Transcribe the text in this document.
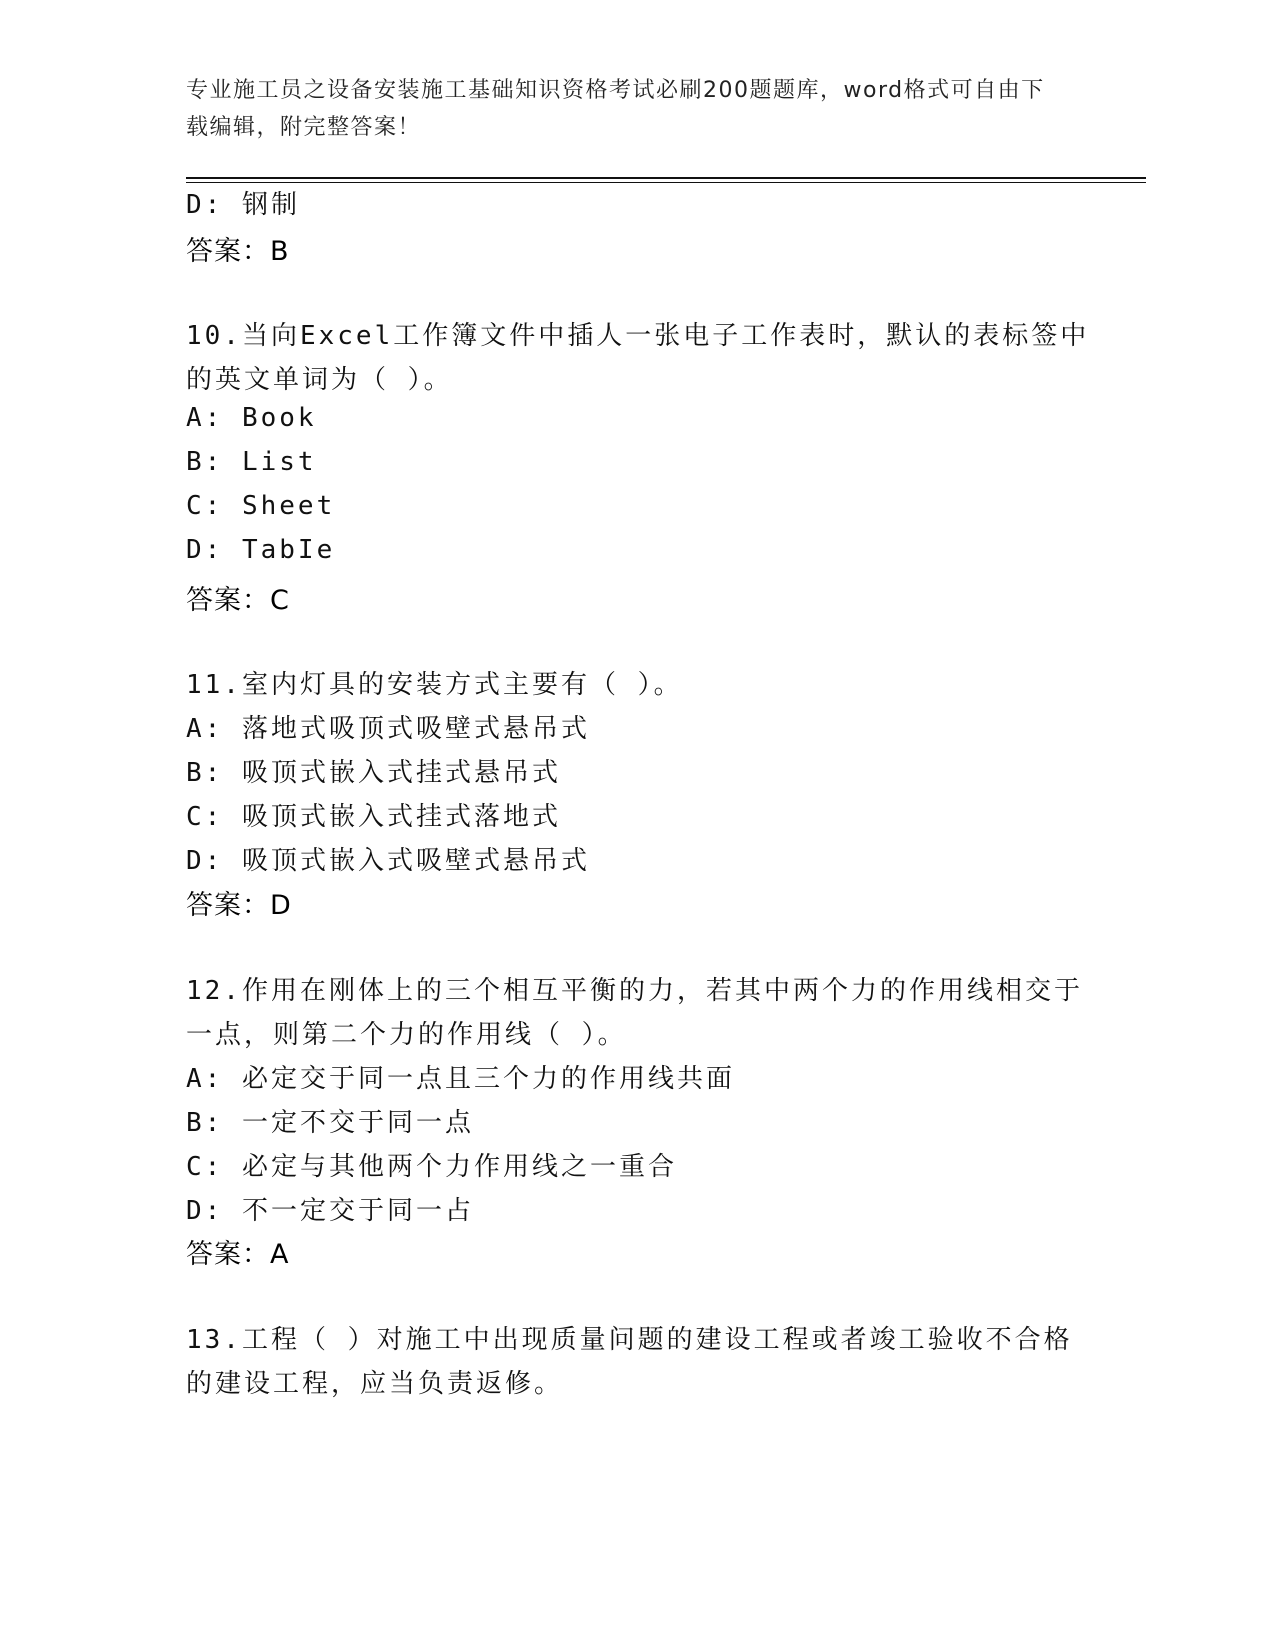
专业施工员之设备安装施工基础知识资格考试必刷200题题库，word格式可自由下载编辑，附完整答案！
D: 钢制
答案：B
10.当向Excel工作簿文件中插人一张电子工作表时，默认的表标签中
的英文单词为（ ）。
A: Book
B: List
C: Sheet
D: TabIe
答案：C
11.室内灯具的安装方式主要有（ ）。
A: 落地式吸顶式吸壁式悬吊式
B: 吸顶式嵌入式挂式悬吊式
C: 吸顶式嵌入式挂式落地式
D: 吸顶式嵌入式吸壁式悬吊式
答案：D
12.作用在刚体上的三个相互平衡的力，若其中两个力的作用线相交于
一点，则第二个力的作用线（ ）。
A: 必定交于同一点且三个力的作用线共面
B: 一定不交于同一点
C: 必定与其他两个力作用线之一重合
D: 不一定交于同一占
答案：A
13.工程（ ）对施工中出现质量问题的建设工程或者竣工验收不合格
的建设工程，应当负责返修。
